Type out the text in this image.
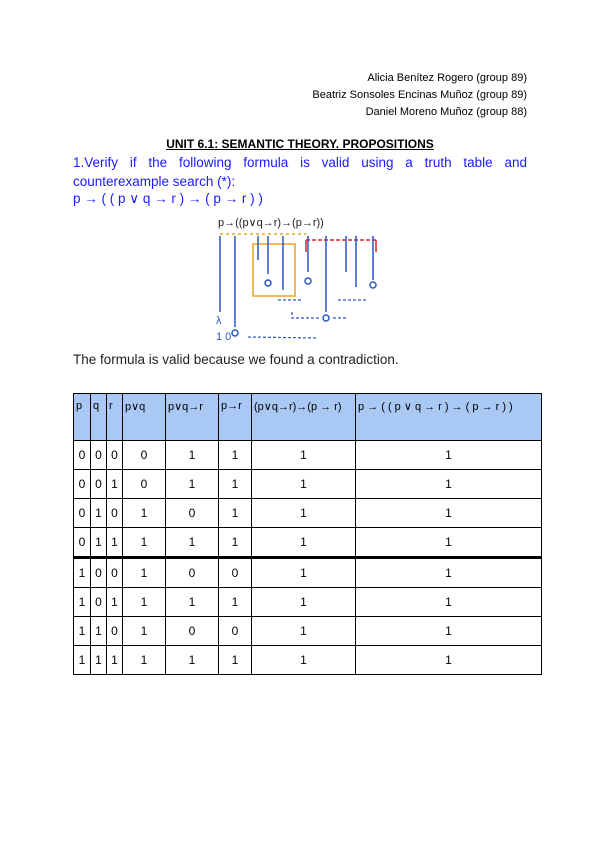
Alicia Benítez Rogero (group 89)
Beatriz Sonsoles Encinas Muñoz (group 89)
Daniel Moreno Muñoz (group 88)
UNIT 6.1: SEMANTIC THEORY. PROPOSITIONS
1.Verify if the following formula is valid using a truth table and counterexample search (*):
p → ( ( p ∨ q → r ) → ( p → r ) )
p→((p∨q→r)→(p→r))
λ
1 0
The formula is valid because we found a contradiction.
p	q	r	p∨q	p∨q→r	p→r	(p∨q→r)→(p → r)	p → ( ( p ∨ q → r ) → ( p → r ) )
0	0	0	0	1	1	1	1
0	0	1	0	1	1	1	1
0	1	0	1	0	1	1	1
0	1	1	1	1	1	1	1
1	0	0	1	0	0	1	1
1	0	1	1	1	1	1	1
1	1	0	1	0	0	1	1
1	1	1	1	1	1	1	1
